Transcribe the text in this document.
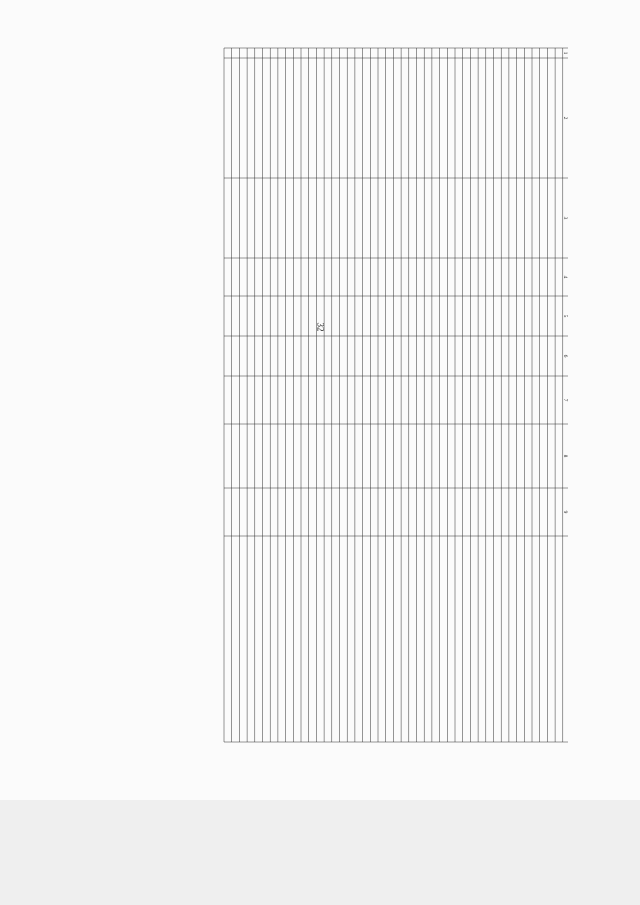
32
1
2
3
4
5
6
7
8
9
